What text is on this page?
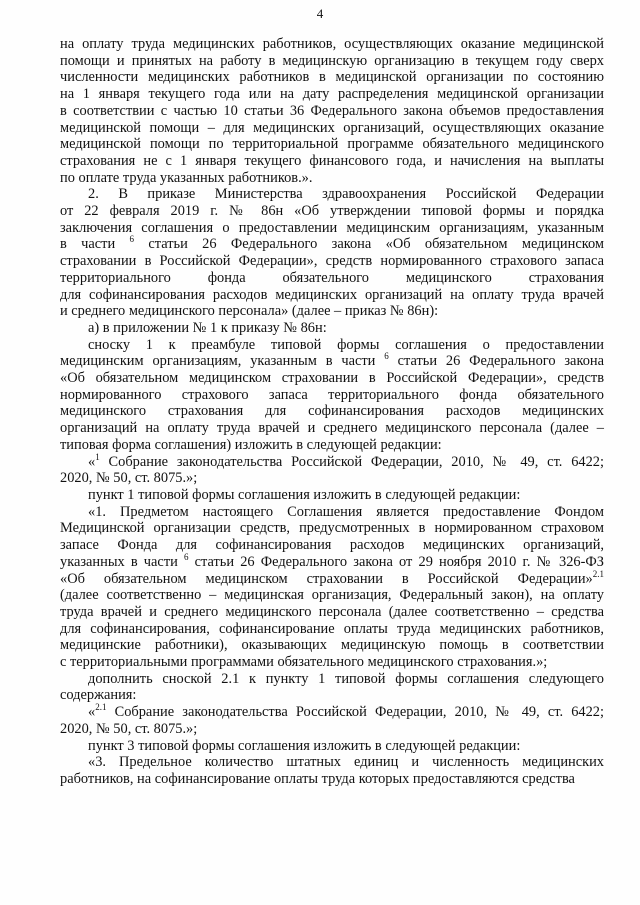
4

на оплату труда медицинских работников, осуществляющих оказание медицинской

помощи и принятых на работу в медицинскую организацию в текущем году сверх

численности медицинских работников в медицинской организации по состоянию

на 1 января текущего года или на дату распределения медицинской организации

в соответствии с частью 10 статьи 36 Федерального закона объемов предоставления

медицинской помощи – для медицинских организаций, осуществляющих оказание

медицинской помощи по территориальной программе обязательного медицинского

страхования не с 1 января текущего финансового года, и начисления на выплаты

по оплате труда указанных работников.».

2. В приказе Министерства здравоохранения Российской Федерации

от 22 февраля 2019 г. № 86н «Об утверждении типовой формы и порядка

заключения соглашения о предоставлении медицинским организациям, указанным

в части $^6$ статьи 26 Федерального закона «Об обязательном медицинском

страховании в Российской Федерации», средств нормированного страхового запаса

территориального фонда обязательного медицинского страхования

для софинансирования расходов медицинских организаций на оплату труда врачей

и среднего медицинского персонала» (далее – приказ № 86н):

а) в приложении № 1 к приказу № 86н:

сноску 1 к преамбуле типовой формы соглашения о предоставлении

медицинским организациям, указанным в части $^6$ статьи 26 Федерального закона

«Об обязательном медицинском страховании в Российской Федерации», средств

нормированного страхового запаса территориального фонда обязательного

медицинского страхования для софинансирования расходов медицинских

организаций на оплату труда врачей и среднего медицинского персонала (далее –

типовая форма соглашения) изложить в следующей редакции:

«$^1$ Собрание законодательства Российской Федерации, 2010, № 49, ст. 6422;

2020, № 50, ст. 8075.»;

пункт 1 типовой формы соглашения изложить в следующей редакции:

«1. Предметом настоящего Соглашения является предоставление Фондом

Медицинской организации средств, предусмотренных в нормированном страховом

запасе Фонда для софинансирования расходов медицинских организаций,

указанных в части $^6$ статьи 26 Федерального закона от 29 ноября 2010 г. № 326-ФЗ

«Об обязательном медицинском страховании в Российской Федерации»$^{2.1}$

(далее соответственно – медицинская организация, Федеральный закон), на оплату

труда врачей и среднего медицинского персонала (далее соответственно – средства

для софинансирования, софинансирование оплаты труда медицинских работников,

медицинские работники), оказывающих медицинскую помощь в соответствии

с территориальными программами обязательного медицинского страхования.»;

дополнить сноской 2.1 к пункту 1 типовой формы соглашения следующего

содержания:

«$^{2.1}$ Собрание законодательства Российской Федерации, 2010, № 49, ст. 6422;

2020, № 50, ст. 8075.»;

пункт 3 типовой формы соглашения изложить в следующей редакции:

«3. Предельное количество штатных единиц и численность медицинских

работников, на софинансирование оплаты труда которых предоставляются средства
